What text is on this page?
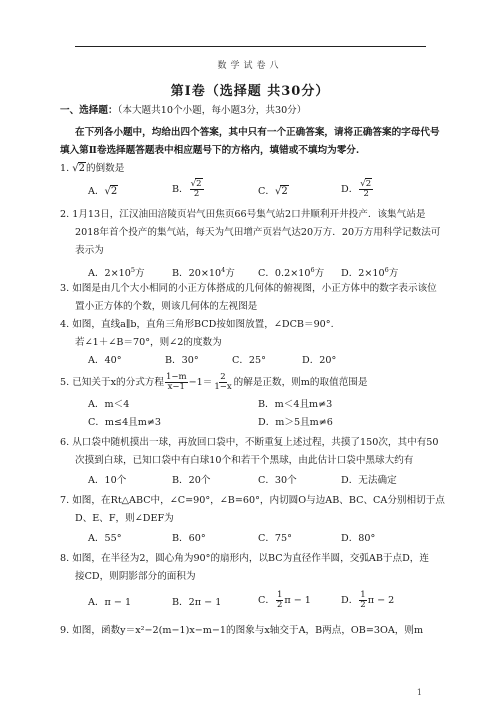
数学试卷八
第Ⅰ卷（选择题 共30分）
一、选择题：（本大题共10个小题，每小题3分，共30分）
在下列各小题中，均给出四个答案，其中只有一个正确答案，请将正确答案的字母代号
填入第Ⅱ卷选择题答题表中相应题号下的方格内，填错或不填均为零分.
1. √2的倒数是
A．√2	B． $\frac{√2}{2}$	C．√2	D． $\frac{√2}{2}$
2. 1月13日，江汉油田涪陵页岩气田焦页66号集气站2口井顺利开井投产．该集气站是
2018年首个投产的集气站，每天为气田增产页岩气达20万方．20万方用科学记数法可
表示为
A．$2\times 10^5$方	B．$20\times 10^4$方 C．$0.2\times 10^6$方 D．$2\times 10^6$方
3. 如图是由几个大小相同的小正方体搭成的几何体的俯视图，小正方体中的数字表示该位
置小正方体的个数，则该几何体的左视图是
4. 如图，直线a∥b，直角三角形BCD按如图放置，∠DCB＝90°.
若∠1＋∠B＝70°，则∠2的度数为
A．40°	B．30°	C．25°	D．20°
5. 已知关于x的分式方程 $\frac{1-m}{x-1} -1= \frac{2}{1-x}$ 的解是正数，则m的取值范围是
A．m＜4	B．m＜4且m≠3
C．m≤4且m≠3	D．m＞5且m≠6
6. 从口袋中随机摸出一球，再放回口袋中，不断重复上述过程，共摸了150次，其中有50
次摸到白球，已知口袋中有白球10个和若干个黑球，由此估计口袋中黑球大约有
A．10个	B．20个	C．30个	D．无法确定
7. 如图，在Rt△ABC中，∠C=90°，∠B=60°，内切圆O与边AB、BC、CA分别相切于点
D、E、F，则∠DEF为
A．55°	B．60°	C．75°	D．80°
8. 如图，在半径为2，圆心角为90°的扇形内，以BC为直径作半圆，交弧AB于点D，连
接CD，则阴影部分的面积为
A．π − 1	B．2π − 1	C． $\frac{1}{2}$ π − 1	D． $\frac{1}{2}$ π − 2
9. 如图，函数y＝x²−2(m−1)x−m−1的图象与x轴交于A，B两点，OB=3OA，则m
1
